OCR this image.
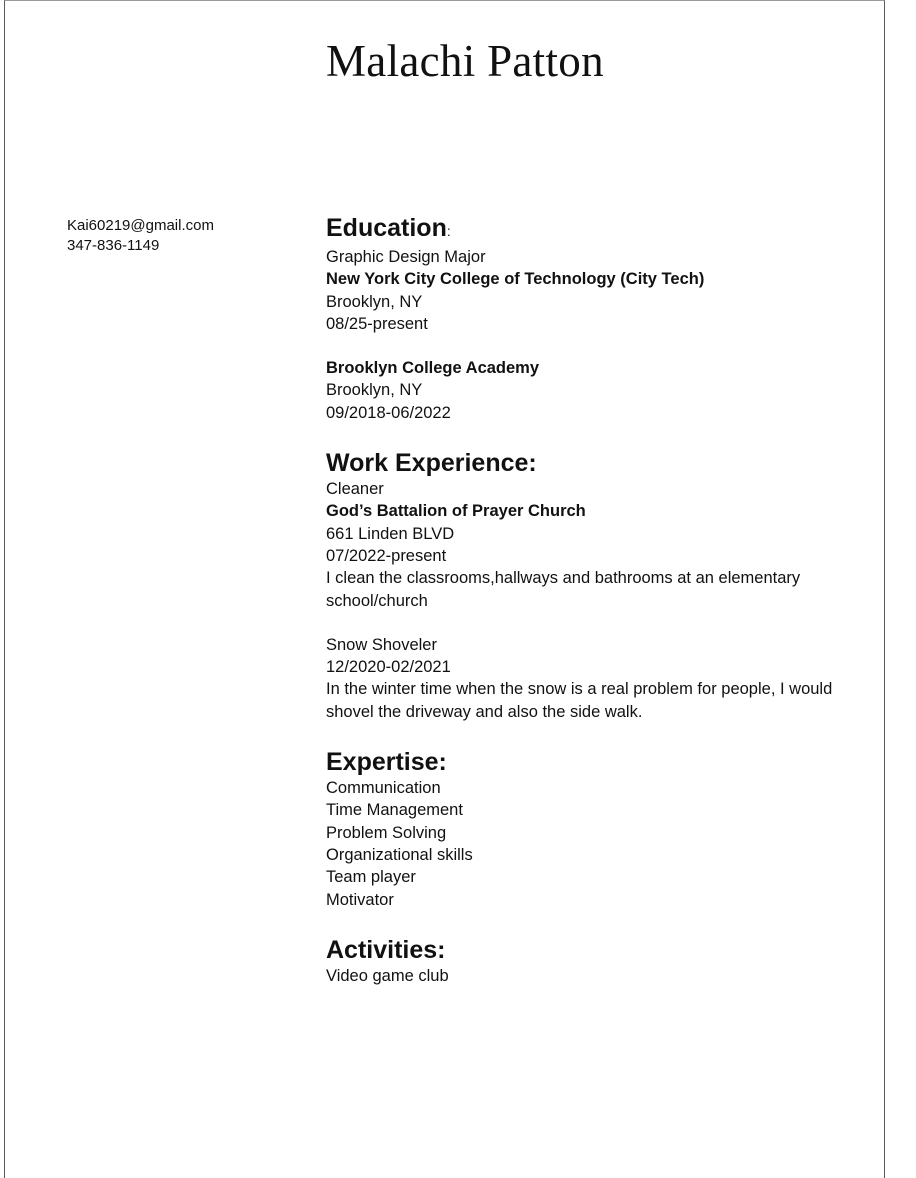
Malachi Patton
Kai60219@gmail.com
347-836-1149
Education:
Graphic Design Major
New York City College of Technology (City Tech)
Brooklyn, NY
08/25-present
Brooklyn College Academy
Brooklyn, NY
09/2018-06/2022
Work Experience:
Cleaner
God’s Battalion of Prayer Church
661 Linden BLVD
07/2022-present
I clean the classrooms,hallways and bathrooms at an elementary school/church
Snow Shoveler
12/2020-02/2021
In the winter time when the snow is a real problem for people, I would shovel the driveway and also the side walk.
Expertise:
Communication
Time Management
Problem Solving
Organizational skills
Team player
Motivator
Activities:
Video game club
